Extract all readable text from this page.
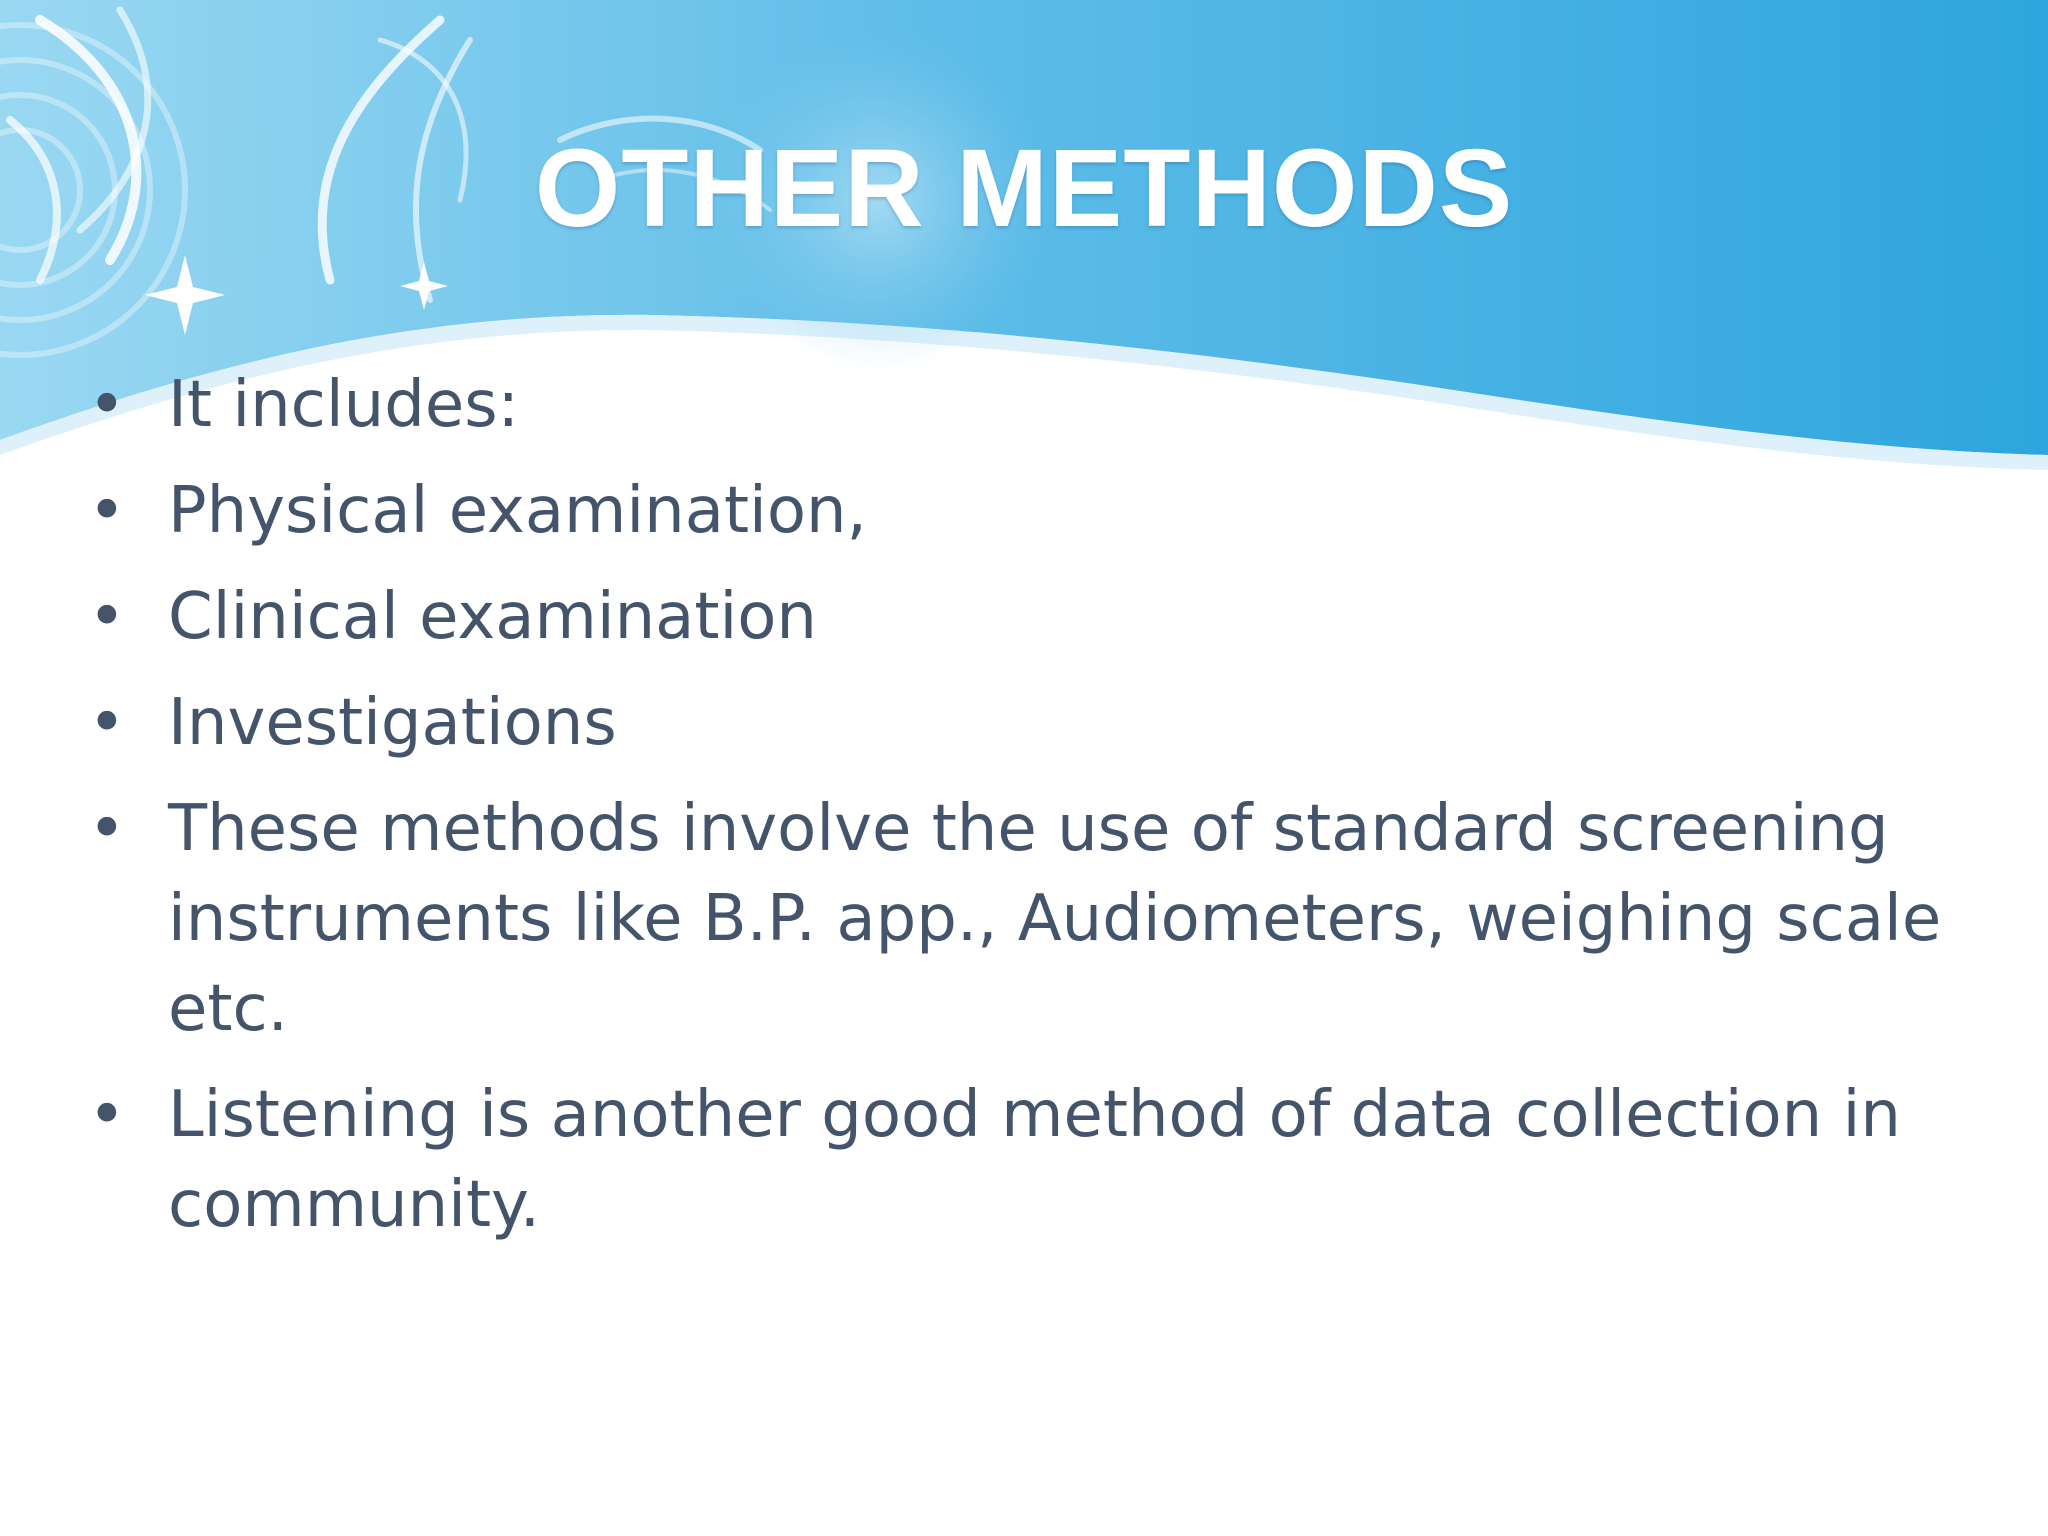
OTHER METHODS
• It includes:
• Physical examination,
• Clinical examination
• Investigations
• These methods involve the use of standard screening instruments like B.P. app., Audiometers, weighing scale etc.
• Listening is another good method of data collection in community.
